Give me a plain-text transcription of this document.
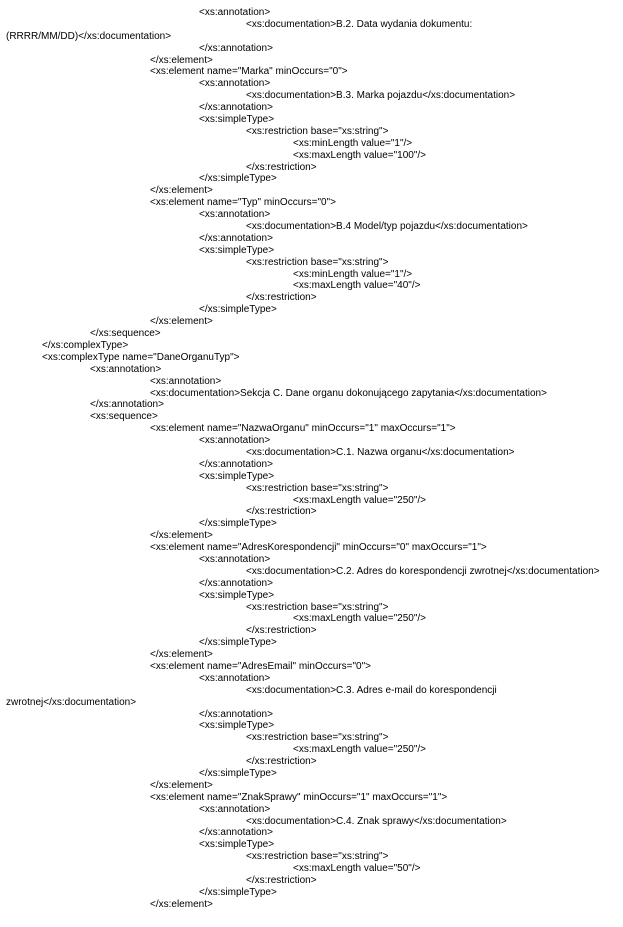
<xs:annotation>
<xs:documentation>B.2. Data wydania dokumentu:
(RRRR/MM/DD)</xs:documentation>
</xs:annotation>
</xs:element>
<xs:element name="Marka" minOccurs="0">
<xs:annotation>
<xs:documentation>B.3. Marka pojazdu</xs:documentation>
</xs:annotation>
<xs:simpleType>
<xs:restriction base="xs:string">
<xs:minLength value="1"/>
<xs:maxLength value="100"/>
</xs:restriction>
</xs:simpleType>
</xs:element>
<xs:element name="Typ" minOccurs="0">
<xs:annotation>
<xs:documentation>B.4 Model/typ pojazdu</xs:documentation>
</xs:annotation>
<xs:simpleType>
<xs:restriction base="xs:string">
<xs:minLength value="1"/>
<xs:maxLength value="40"/>
</xs:restriction>
</xs:simpleType>
</xs:element>
</xs:sequence>
</xs:complexType>
<xs:complexType name="DaneOrganuTyp">
<xs:annotation>
<xs:annotation>
<xs:documentation>Sekcja C. Dane organu dokonującego zapytania</xs:documentation>
</xs:annotation>
<xs:sequence>
<xs:element name="NazwaOrganu" minOccurs="1" maxOccurs="1">
<xs:annotation>
<xs:documentation>C.1. Nazwa organu</xs:documentation>
</xs:annotation>
<xs:simpleType>
<xs:restriction base="xs:string">
<xs:maxLength value="250"/>
</xs:restriction>
</xs:simpleType>
</xs:element>
<xs:element name="AdresKorespondencji" minOccurs="0" maxOccurs="1">
<xs:annotation>
<xs:documentation>C.2. Adres do korespondencji zwrotnej</xs:documentation>
</xs:annotation>
<xs:simpleType>
<xs:restriction base="xs:string">
<xs:maxLength value="250"/>
</xs:restriction>
</xs:simpleType>
</xs:element>
<xs:element name="AdresEmail" minOccurs="0">
<xs:annotation>
<xs:documentation>C.3. Adres e-mail do korespondencji
zwrotnej</xs:documentation>
</xs:annotation>
<xs:simpleType>
<xs:restriction base="xs:string">
<xs:maxLength value="250"/>
</xs:restriction>
</xs:simpleType>
</xs:element>
<xs:element name="ZnakSprawy" minOccurs="1" maxOccurs="1">
<xs:annotation>
<xs:documentation>C.4. Znak sprawy</xs:documentation>
</xs:annotation>
<xs:simpleType>
<xs:restriction base="xs:string">
<xs:maxLength value="50"/>
</xs:restriction>
</xs:simpleType>
</xs:element>
